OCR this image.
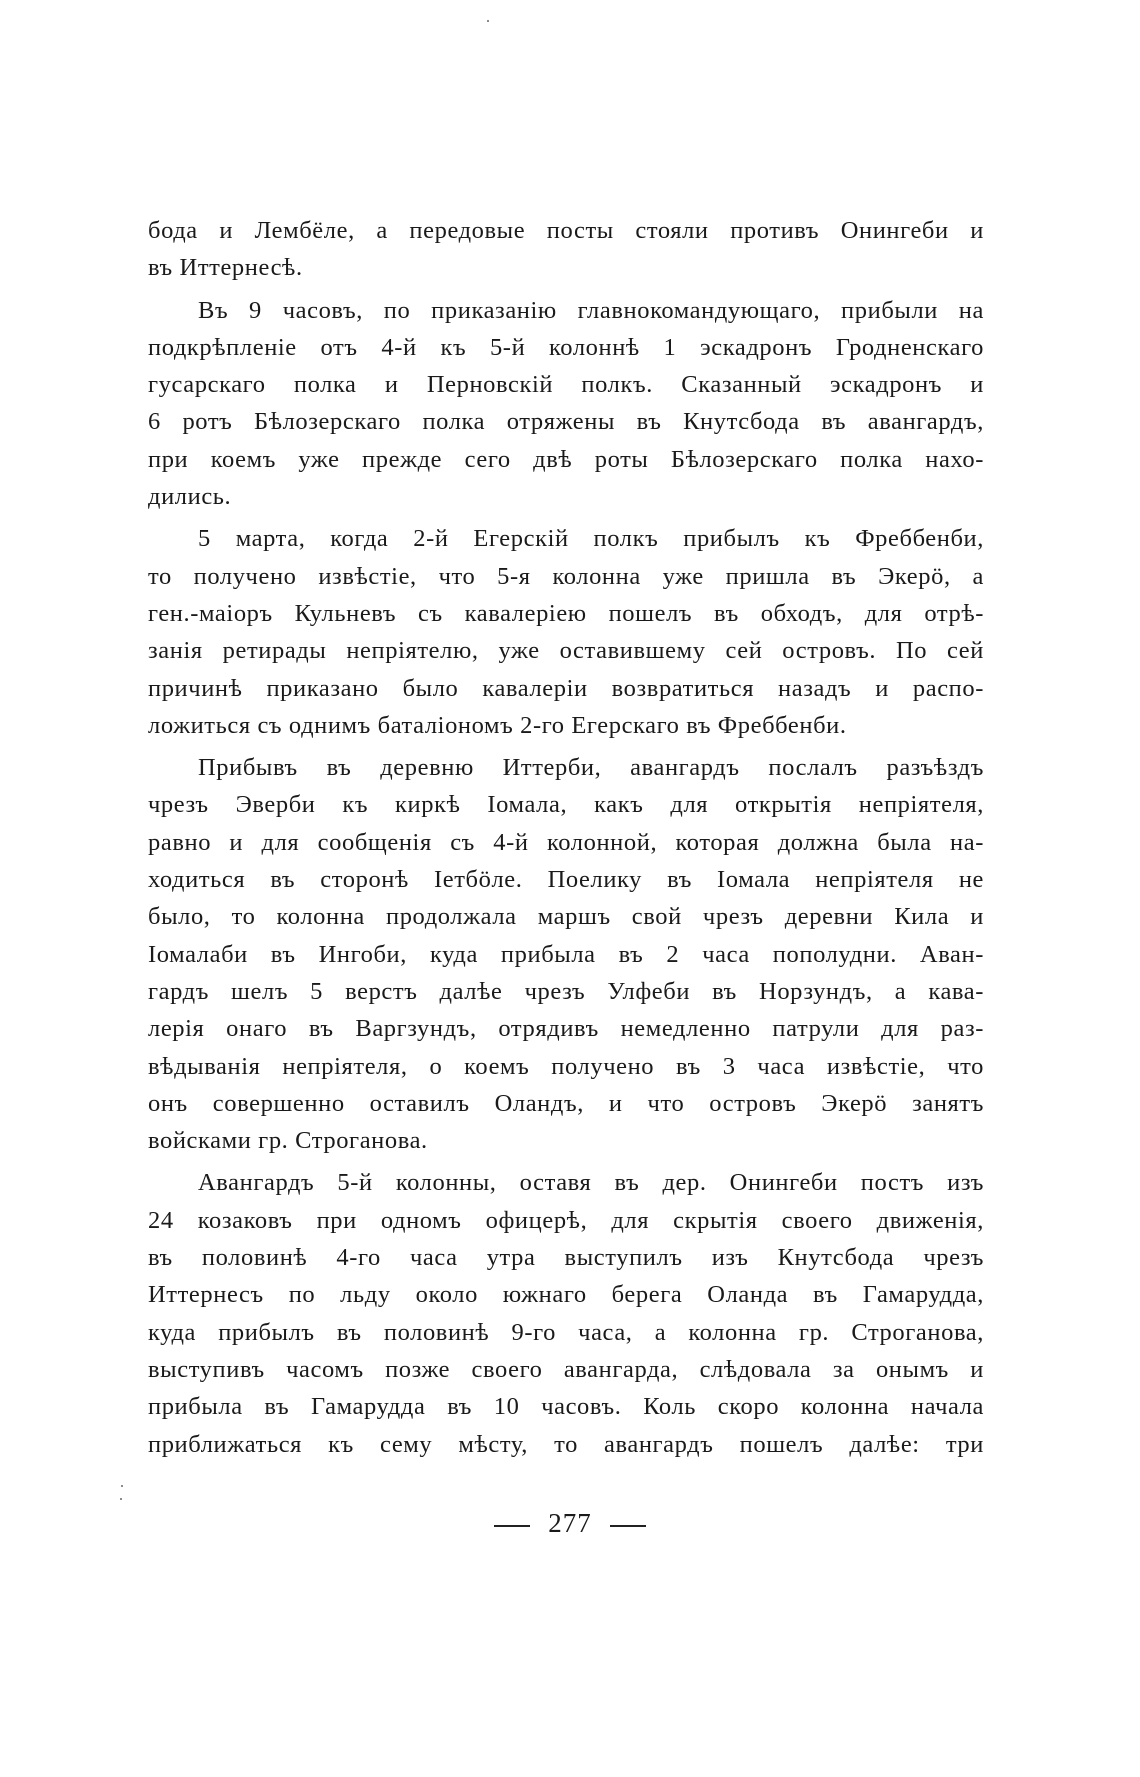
бода и Лембёле, а передовые посты стояли противъ Онингеби и
въ Иттернесѣ.
Въ 9 часовъ, по приказанію главнокомандующаго, прибыли на
подкрѣпленіе отъ 4-й къ 5-й колоннѣ 1 эскадронъ Гродненскаго
гусарскаго полка и Перновскій полкъ. Сказанный эскадронъ и
6 ротъ Бѣлозерскаго полка отряжены въ Кнутсбода въ авангардъ,
при коемъ уже прежде сего двѣ роты Бѣлозерскаго полка нахо-
дились.
5 марта, когда 2-й Егерскій полкъ прибылъ къ Фреббенби,
то получено извѣстіе, что 5-я колонна уже пришла въ Экерö, а
ген.-маіоръ Кульневъ съ кавалеріею пошелъ въ обходъ, для отрѣ-
занія ретирады непріятелю, уже оставившему сей островъ. По сей
причинѣ приказано было кавалеріи возвратиться назадъ и распо-
ложиться съ однимъ баталіономъ 2-го Егерскаго въ Фреббенби.
Прибывъ въ деревню Иттерби, авангардъ послалъ разъѣздъ
чрезъ Эверби къ киркѣ Іомала, какъ для открытія непріятеля,
равно и для сообщенія съ 4-й колонной, которая должна была на-
ходиться въ сторонѣ Іетбöле. Поелику въ Іомала непріятеля не
было, то колонна продолжала маршъ свой чрезъ деревни Кила и
Іомалаби въ Ингоби, куда прибыла въ 2 часа пополудни. Аван-
гардъ шелъ 5 верстъ далѣе чрезъ Улфеби въ Норзундъ, а кава-
лерія онаго въ Варгзундъ, отрядивъ немедленно патрули для раз-
вѣдыванія непріятеля, о коемъ получено въ 3 часа извѣстіе, что
онъ совершенно оставилъ Оландъ, и что островъ Экерö занятъ
войсками гр. Строганова.
Авангардъ 5-й колонны, оставя въ дер. Онингеби постъ изъ
24 козаковъ при одномъ офицерѣ, для скрытія своего движенія,
въ половинѣ 4-го часа утра выступилъ изъ Кнутсбода чрезъ
Иттернесъ по льду около южнаго берега Оланда въ Гамарудда,
куда прибылъ въ половинѣ 9-го часа, а колонна гр. Строганова,
выступивъ часомъ позже своего авангарда, слѣдовала за онымъ и
прибыла въ Гамарудда въ 10 часовъ. Коль скоро колонна начала
приближаться къ сему мѣсту, то авангардъ пошелъ далѣе: три
277
